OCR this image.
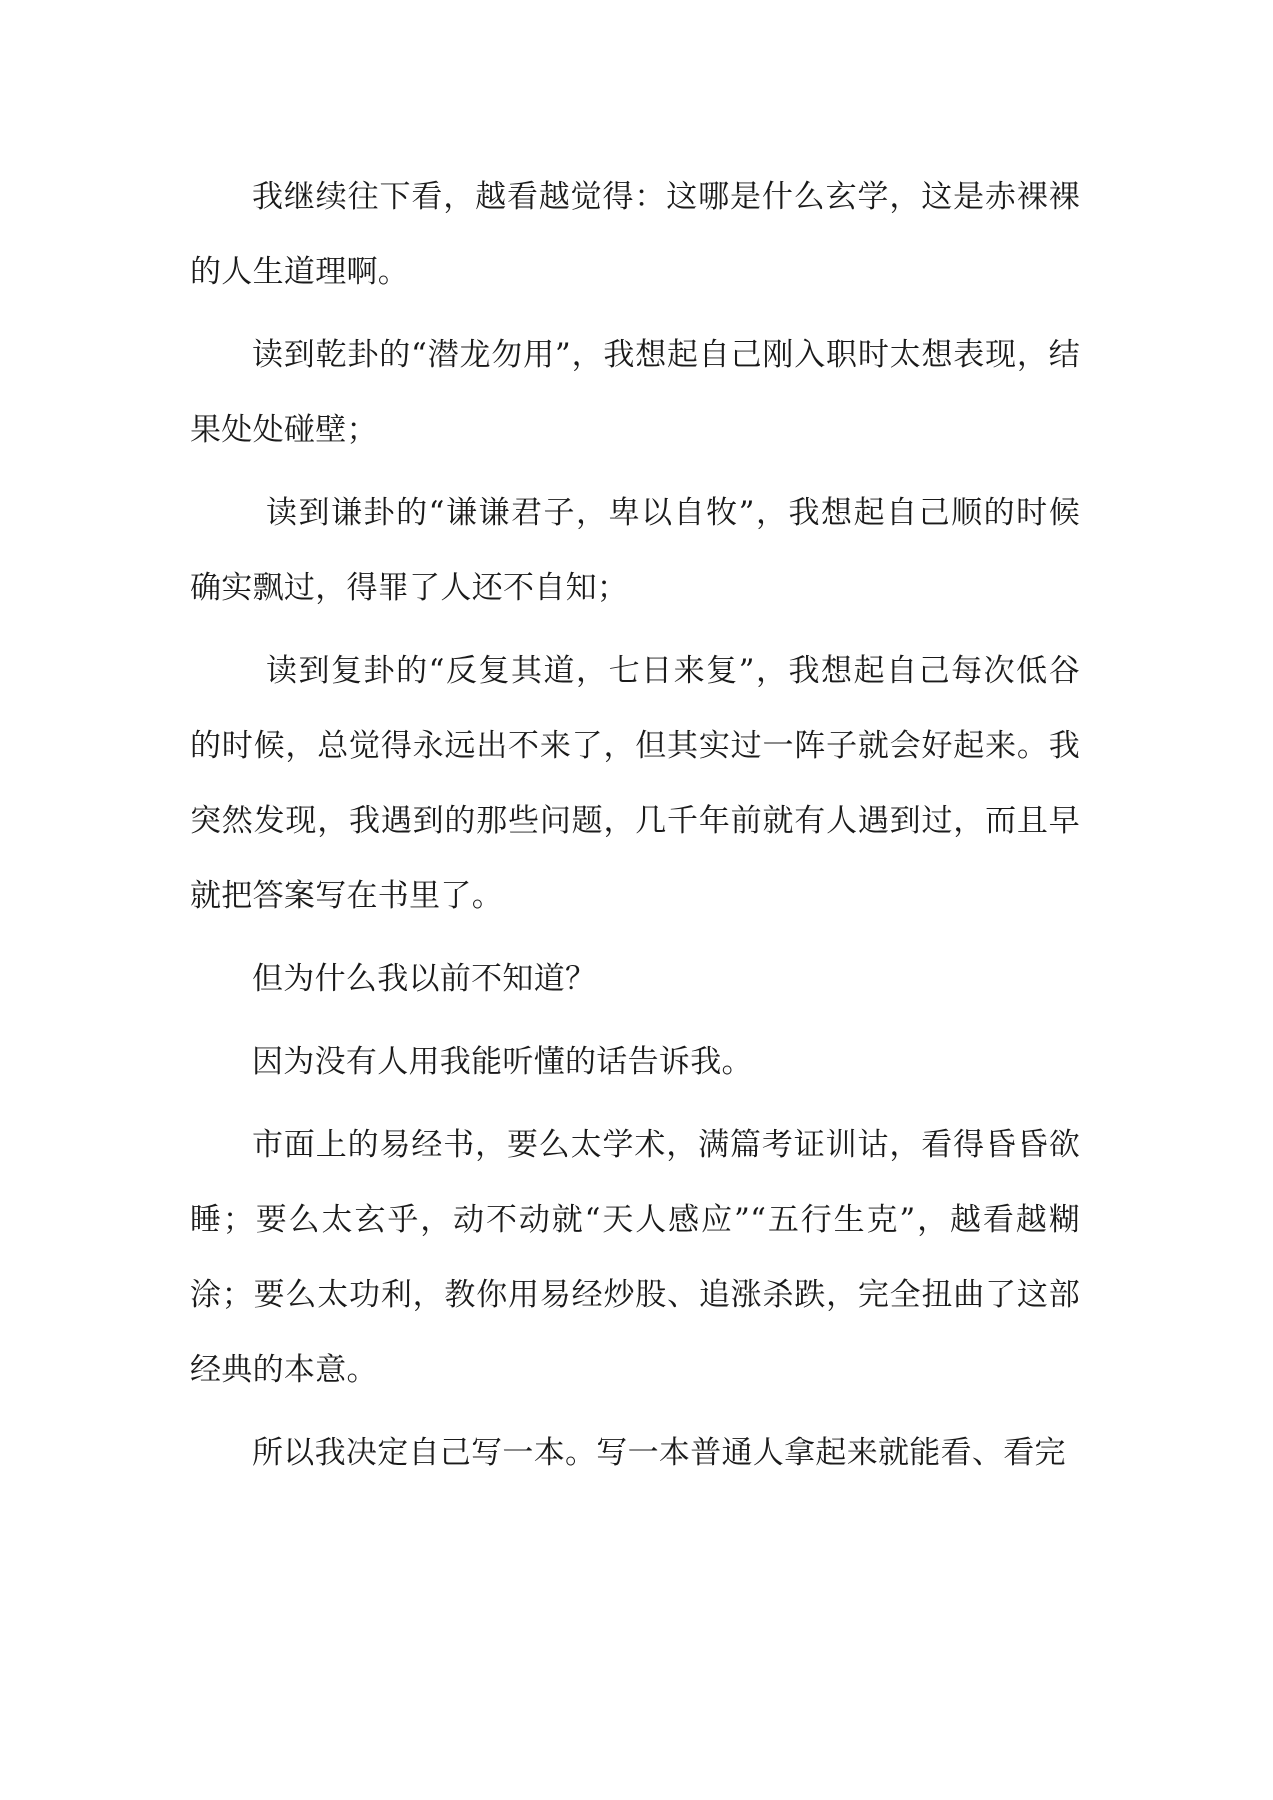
我继续往下看，越看越觉得：这哪是什么玄学，这是赤裸裸的人生道理啊。

读到乾卦的“潜龙勿用”，我想起自己刚入职时太想表现，结果处处碰壁；

读到谦卦的“谦谦君子，卑以自牧”，我想起自己顺的时候确实飘过，得罪了人还不自知；

读到复卦的“反复其道，七日来复”，我想起自己每次低谷的时候，总觉得永远出不来了，但其实过一阵子就会好起来。我突然发现，我遇到的那些问题，几千年前就有人遇到过，而且早就把答案写在书里了。

但为什么我以前不知道？

因为没有人用我能听懂的话告诉我。

市面上的易经书，要么太学术，满篇考证训诂，看得昏昏欲睡；要么太玄乎，动不动就“天人感应”“五行生克”，越看越糊涂；要么太功利，教你用易经炒股、追涨杀跌，完全扭曲了这部经典的本意。

所以我决定自己写一本。写一本普通人拿起来就能看、看完
